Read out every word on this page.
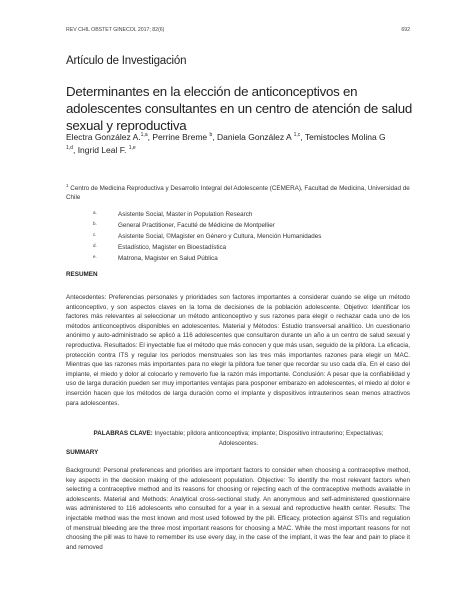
REV CHIL OBSTET GINECOL 2017; 82(6)	692
Artículo de Investigación
Determinantes en la elección de anticonceptivos en adolescentes consultantes en un centro de atención de salud sexual y reproductiva
Electra González A.$^{1,a}$, Perrine Breme $^b$, Daniela González A $^{1,c}$, Temistocles Molina G
$^{1,d}$, Ingrid Leal F. $^{1,e}$
$^1$ Centro de Medicina Reproductiva y Desarrollo Integral del Adolescente (CEMERA), Facultad de Medicina, Universidad de Chile
a.	Asistente Social, Master in Population Research
b.	General Practitioner, Faculté de Médicine de Montpellier
c.	Asistente Social, ©Magister en Género y Cultura, Mención Humanidades
d.	Estadístico, Magister en Bioestadística
e.	Matrona, Magister en Salud Pública
RESUMEN
Antecedentes: Preferencias personales y prioridades son factores importantes a considerar cuando se elige un método anticonceptivo, y son aspectos claves en la toma de decisiones de la población adolescente. Objetivo: Identificar los factores más relevantes al seleccionar un método anticonceptivo y sus razones para elegir o rechazar cada uno de los métodos anticonceptivos disponibles en adolescentes. Material y Métodos: Estudio transversal analítico. Un cuestionario anónimo y auto-administrado se aplicó a 116 adolescentes que consultaron durante un año a un centro de salud sexual y reproductiva. Resultados: El inyectable fue el método que más conocen y que más usan, seguido de la píldora. La eficacia, protección contra ITS y regular los períodos menstruales son las tres más importantes razones para elegir un MAC. Mientras que las razones más importantes para no elegir la píldora fue tener que recordar su uso cada día. En el caso del implante, el miedo y dolor al colocarlo y removerlo fue la razón más importante. Conclusión: A pesar que la confiabilidad y uso de larga duración pueden ser muy importantes ventajas para posponer embarazo en adolescentes, el miedo al dolor e inserción hacen que los métodos de larga duración como el implante y dispositivos intrauterinos sean menos atractivos para adolescentes.
PALABRAS CLAVE: Inyectable; píldora anticonceptiva; implante; Dispositivo intrauterino; Expectativas; Adolescentes.
SUMMARY
Background: Personal preferences and priorities are important factors to consider when choosing a contraceptive method, key aspects in the decision making of the adolescent population. Objective: To identify the most relevant factors when selecting a contraceptive method and its reasons for choosing or rejecting each of the contraceptive methods available in adolescents. Material and Methods: Analytical cross-sectional study. An anonymous and self-administered questionnaire was administered to 116 adolescents who consulted for a year in a sexual and reproductive health center. Results: The injectable method was the most known and most used followed by the pill. Efficacy, protection against STIs and regulation of menstrual bleeding are the three most important reasons for choosing a MAC. While the most important reasons for not choosing the pill was to have to remember its use every day, in the case of the implant, it was the fear and pain to place it and removed
